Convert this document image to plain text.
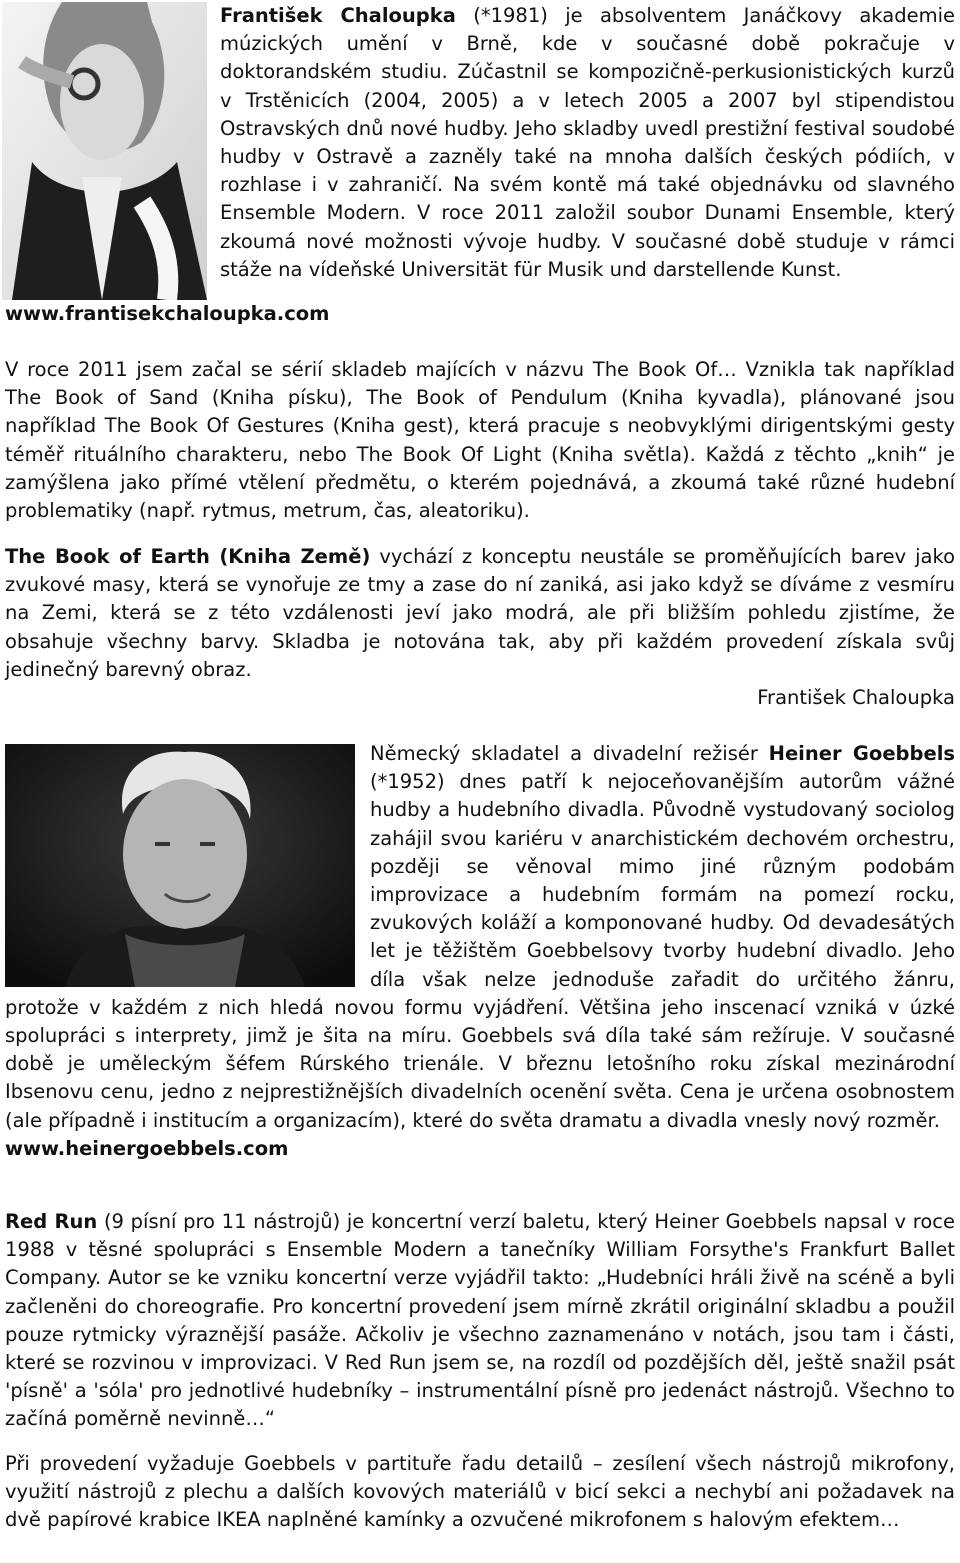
František Chaloupka (*1981) je absolventem Janáčkovy akademie múzických umění v Brně, kde v současné době pokračuje v doktorandském studiu. Zúčastnil se kompozičně-perkusionistických kurzů v Trstěnicích (2004, 2005) a v letech 2005 a 2007 byl stipendistou Ostravských dnů nové hudby. Jeho skladby uvedl prestižní festival soudobé hudby v Ostravě a zazněly také na mnoha dalších českých pódiích, v rozhlase i v zahraničí. Na svém kontě má také objednávku od slavného Ensemble Modern. V roce 2011 založil soubor Dunami Ensemble, který zkoumá nové možnosti vývoje hudby. V současné době studuje v rámci stáže na vídeňské Universität für Musik und darstellende Kunst.
www.frantisekchaloupka.com

V roce 2011 jsem začal se sérií skladeb majících v názvu The Book Of… Vznikla tak například The Book of Sand (Kniha písku), The Book of Pendulum (Kniha kyvadla), plánované jsou například The Book Of Gestures (Kniha gest), která pracuje s neobvyklými dirigentskými gesty téměř rituálního charakteru, nebo The Book Of Light (Kniha světla). Každá z těchto „knih“ je zamýšlena jako přímé vtělení předmětu, o kterém pojednává, a zkoumá také různé hudební problematiky (např. rytmus, metrum, čas, aleatoriku).

The Book of Earth (Kniha Země) vychází z konceptu neustále se proměňujících barev jako zvukové masy, která se vynořuje ze tmy a zase do ní zaniká, asi jako když se díváme z vesmíru na Zemi, která se z této vzdálenosti jeví jako modrá, ale při bližším pohledu zjistíme, že obsahuje všechny barvy. Skladba je notována tak, aby při každém provedení získala svůj jedinečný barevný obraz.

František Chaloupka

Německý skladatel a divadelní režisér Heiner Goebbels (*1952) dnes patří k nejoceňovanějším autorům vážné hudby a hudebního divadla. Původně vystudovaný sociolog zahájil svou kariéru v anarchistickém dechovém orchestru, později se věnoval mimo jiné různým podobám improvizace a hudebním formám na pomezí rocku, zvukových koláží a komponované hudby. Od devadesátých let je těžištěm Goebbelsovy tvorby hudební divadlo. Jeho díla však nelze jednoduše zařadit do určitého žánru, protože v každém z nich hledá novou formu vyjádření. Většina jeho inscenací vzniká v úzké spolupráci s interprety, jimž je šita na míru. Goebbels svá díla také sám režíruje. V současné době je uměleckým šéfem Rúrského trienále. V březnu letošního roku získal mezinárodní Ibsenovu cenu, jedno z nejprestižnějších divadelních ocenění světa. Cena je určena osobnostem (ale případně i institucím a organizacím), které do světa dramatu a divadla vnesly nový rozměr.

www.heinergoebbels.com

Red Run (9 písní pro 11 nástrojů) je koncertní verzí baletu, který Heiner Goebbels napsal v roce 1988 v těsné spolupráci s Ensemble Modern a tanečníky William Forsythe's Frankfurt Ballet Company. Autor se ke vzniku koncertní verze vyjádřil takto: „Hudebníci hráli živě na scéně a byli začleněni do choreografie. Pro koncertní provedení jsem mírně zkrátil originální skladbu a použil pouze rytmicky výraznější pasáže. Ačkoliv je všechno zaznamenáno v notách, jsou tam i části, které se rozvinou v improvizaci. V Red Run jsem se, na rozdíl od pozdějších děl, ještě snažil psát 'písně' a 'sóla' pro jednotlivé hudebníky – instrumentální písně pro jedenáct nástrojů. Všechno to začíná poměrně nevinně…“

Při provedení vyžaduje Goebbels v partituře řadu detailů – zesílení všech nástrojů mikrofony, využití nástrojů z plechu a dalších kovových materiálů v bicí sekci a nechybí ani požadavek na dvě papírové krabice IKEA naplněné kamínky a ozvučené mikrofonem s halovým efektem…
